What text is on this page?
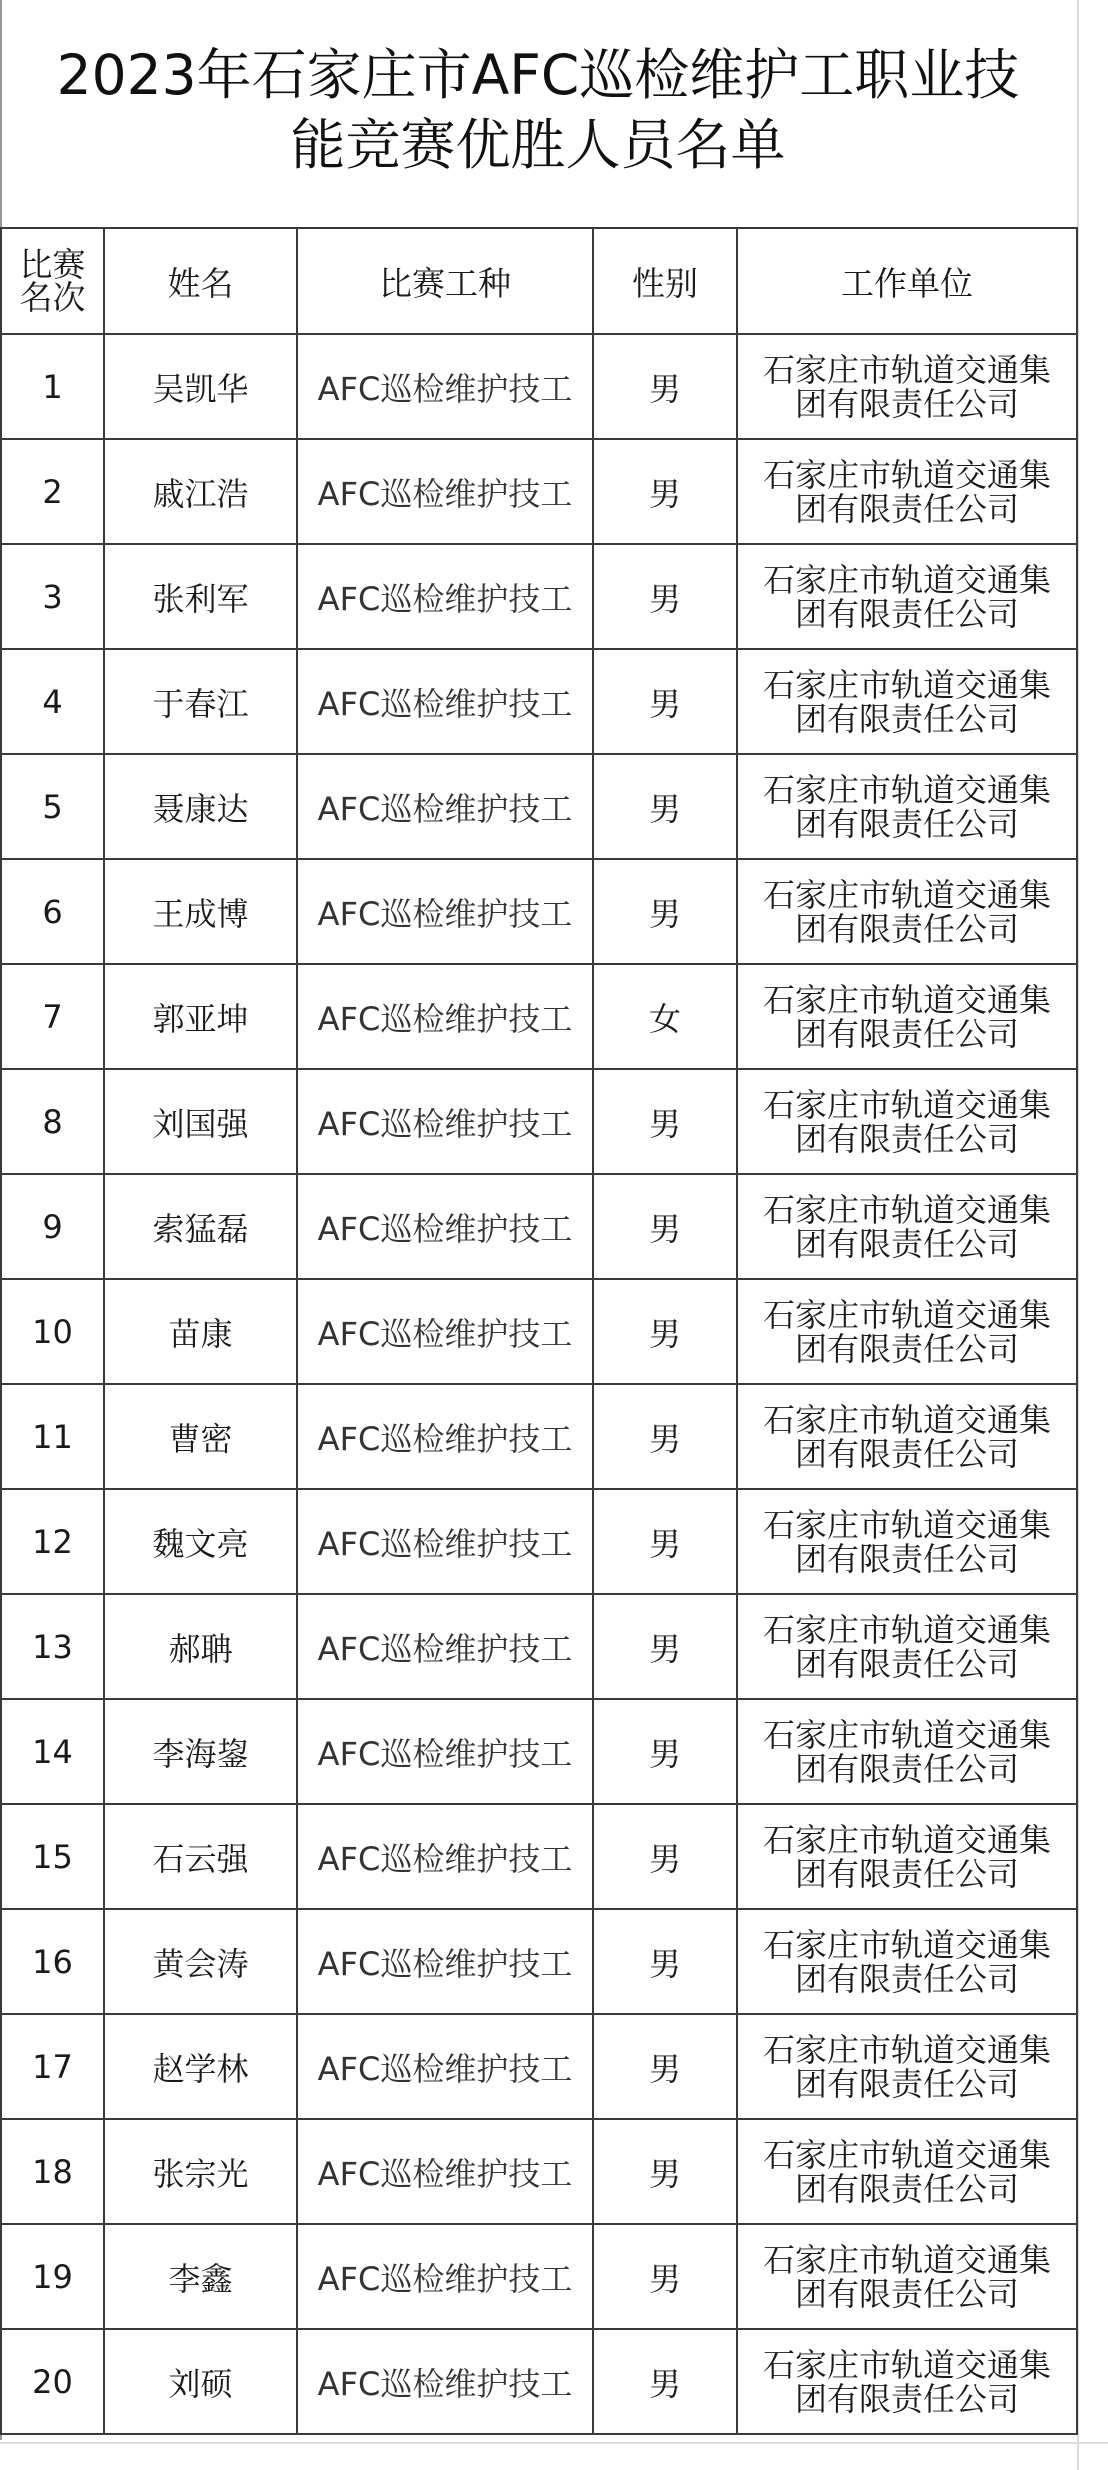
2023年石家庄市AFC巡检维护工职业技
能竞赛优胜人员名单
比赛
名次	姓名	比赛工种	性别	工作单位
1	吴凯华	AFC巡检维护技工	男	石家庄市轨道交通集
团有限责任公司

2	戚江浩	AFC巡检维护技工	男	石家庄市轨道交通集
团有限责任公司

3	张利军	AFC巡检维护技工	男	石家庄市轨道交通集
团有限责任公司

4	于春江	AFC巡检维护技工	男	石家庄市轨道交通集
团有限责任公司

5	聂康达	AFC巡检维护技工	男	石家庄市轨道交通集
团有限责任公司

6	王成博	AFC巡检维护技工	男	石家庄市轨道交通集
团有限责任公司

7	郭亚坤	AFC巡检维护技工	女	石家庄市轨道交通集
团有限责任公司

8	刘国强	AFC巡检维护技工	男	石家庄市轨道交通集
团有限责任公司

9	索猛磊	AFC巡检维护技工	男	石家庄市轨道交通集
团有限责任公司

10	苗康	AFC巡检维护技工	男	石家庄市轨道交通集
团有限责任公司

11	曹密	AFC巡检维护技工	男	石家庄市轨道交通集
团有限责任公司

12	魏文亮	AFC巡检维护技工	男	石家庄市轨道交通集
团有限责任公司

13	郝聃	AFC巡检维护技工	男	石家庄市轨道交通集
团有限责任公司

14	李海鋆	AFC巡检维护技工	男	石家庄市轨道交通集
团有限责任公司

15	石云强	AFC巡检维护技工	男	石家庄市轨道交通集
团有限责任公司

16	黄会涛	AFC巡检维护技工	男	石家庄市轨道交通集
团有限责任公司

17	赵学林	AFC巡检维护技工	男	石家庄市轨道交通集
团有限责任公司

18	张宗光	AFC巡检维护技工	男	石家庄市轨道交通集
团有限责任公司

19	李鑫	AFC巡检维护技工	男	石家庄市轨道交通集
团有限责任公司

20	刘硕	AFC巡检维护技工	男	石家庄市轨道交通集
团有限责任公司
